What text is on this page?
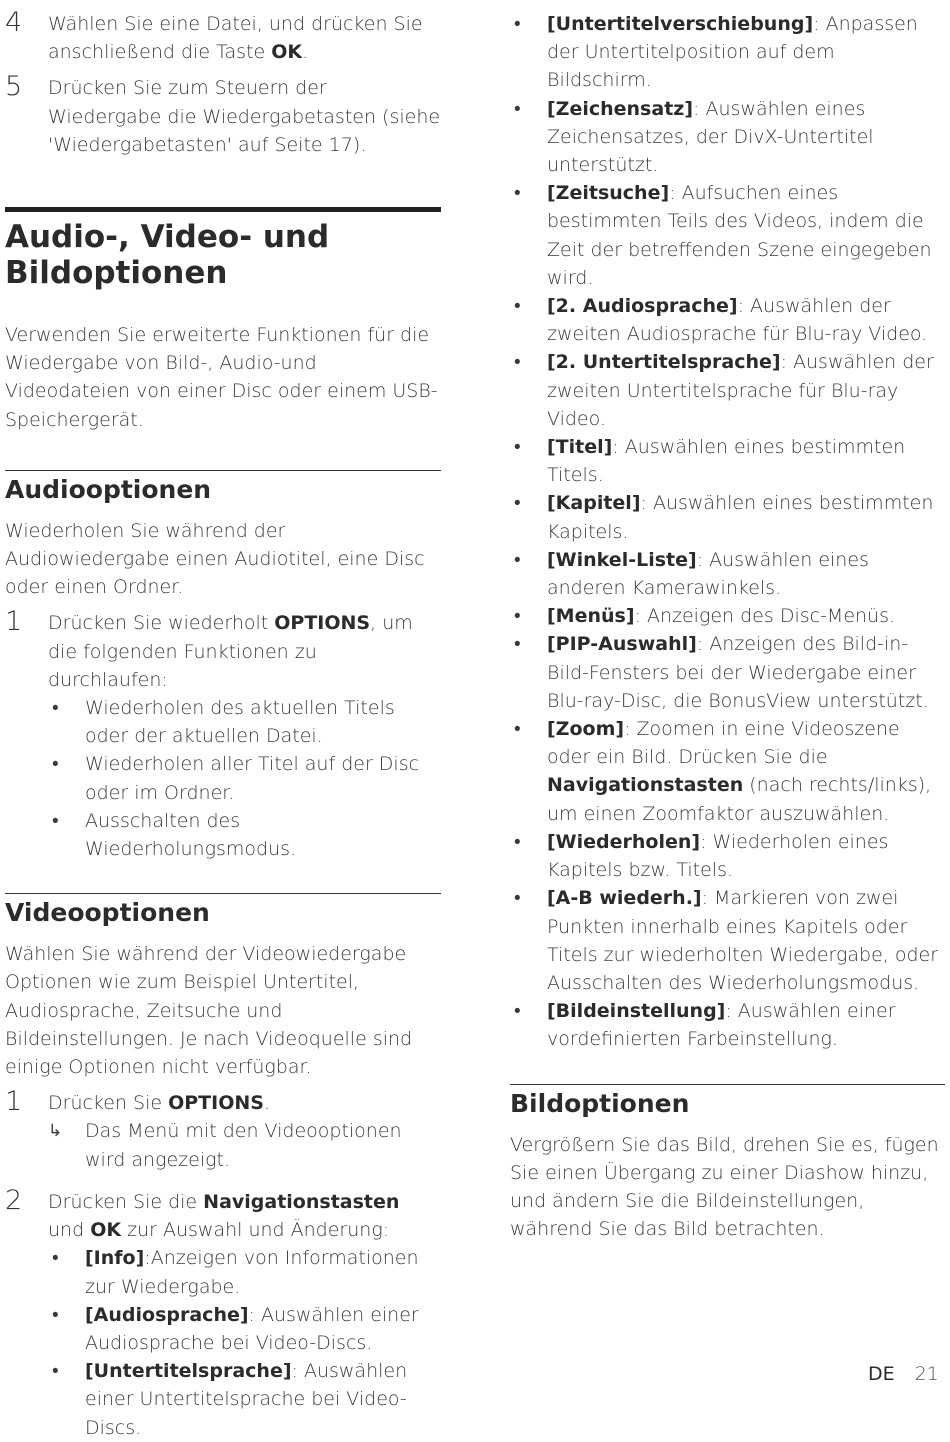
4 Wählen Sie eine Datei, und drücken Sie anschließend die Taste OK.
5 Drücken Sie zum Steuern der Wiedergabe die Wiedergabetasten (siehe 'Wiedergabetasten' auf Seite 17).
Audio-, Video- und Bildoptionen

Verwenden Sie erweiterte Funktionen für die Wiedergabe von Bild-, Audio-und Videodateien von einer Disc oder einem USB-Speichergerät.

Audiooptionen

Wiederholen Sie während der Audiowiedergabe einen Audiotitel, eine Disc oder einen Ordner.

1 Drücken Sie wiederholt OPTIONS, um die folgenden Funktionen zu durchlaufen:
• Wiederholen des aktuellen Titels oder der aktuellen Datei.
• Wiederholen aller Titel auf der Disc oder im Ordner.
• Ausschalten des Wiederholungsmodus.
Videooptionen

Wählen Sie während der Videowiedergabe Optionen wie zum Beispiel Untertitel, Audiosprache, Zeitsuche und Bildeinstellungen. Je nach Videoquelle sind einige Optionen nicht verfügbar.

1 Drücken Sie OPTIONS.
↳ Das Menü mit den Videooptionen wird angezeigt.
2 Drücken Sie die Navigationstasten und OK zur Auswahl und Änderung:
• [Info]:Anzeigen von Informationen zur Wiedergabe.
• [Audiosprache]: Auswählen einer Audiosprache bei Video-Discs.
• [Untertitelsprache]: Auswählen einer Untertitelsprache bei Video-Discs.
• [Untertitelverschiebung]: Anpassen der Untertitelposition auf dem Bildschirm.
• [Zeichensatz]: Auswählen eines Zeichensatzes, der DivX-Untertitel unterstützt.
• [Zeitsuche]: Aufsuchen eines bestimmten Teils des Videos, indem die Zeit der betreffenden Szene eingegeben wird.
• [2. Audiosprache]: Auswählen der zweiten Audiosprache für Blu-ray Video.
• [2. Untertitelsprache]: Auswählen der zweiten Untertitelsprache für Blu-ray Video.
• [Titel]: Auswählen eines bestimmten Titels.
• [Kapitel]: Auswählen eines bestimmten Kapitels.
• [Winkel-Liste]: Auswählen eines anderen Kamerawinkels.
• [Menüs]: Anzeigen des Disc-Menüs.
• [PIP-Auswahl]: Anzeigen des Bild-in-Bild-Fensters bei der Wiedergabe einer Blu-ray-Disc, die BonusView unterstützt.
• [Zoom]: Zoomen in eine Videoszene oder ein Bild. Drücken Sie die Navigationstasten (nach rechts/links), um einen Zoomfaktor auszuwählen.
• [Wiederholen]: Wiederholen eines Kapitels bzw. Titels.
• [A-B wiederh.]: Markieren von zwei Punkten innerhalb eines Kapitels oder Titels zur wiederholten Wiedergabe, oder Ausschalten des Wiederholungsmodus.
• [Bildeinstellung]: Auswählen einer vordefinierten Farbeinstellung.
Bildoptionen

Vergrößern Sie das Bild, drehen Sie es, fügen Sie einen Übergang zu einer Diashow hinzu, und ändern Sie die Bildeinstellungen, während Sie das Bild betrachten.

DE 21
